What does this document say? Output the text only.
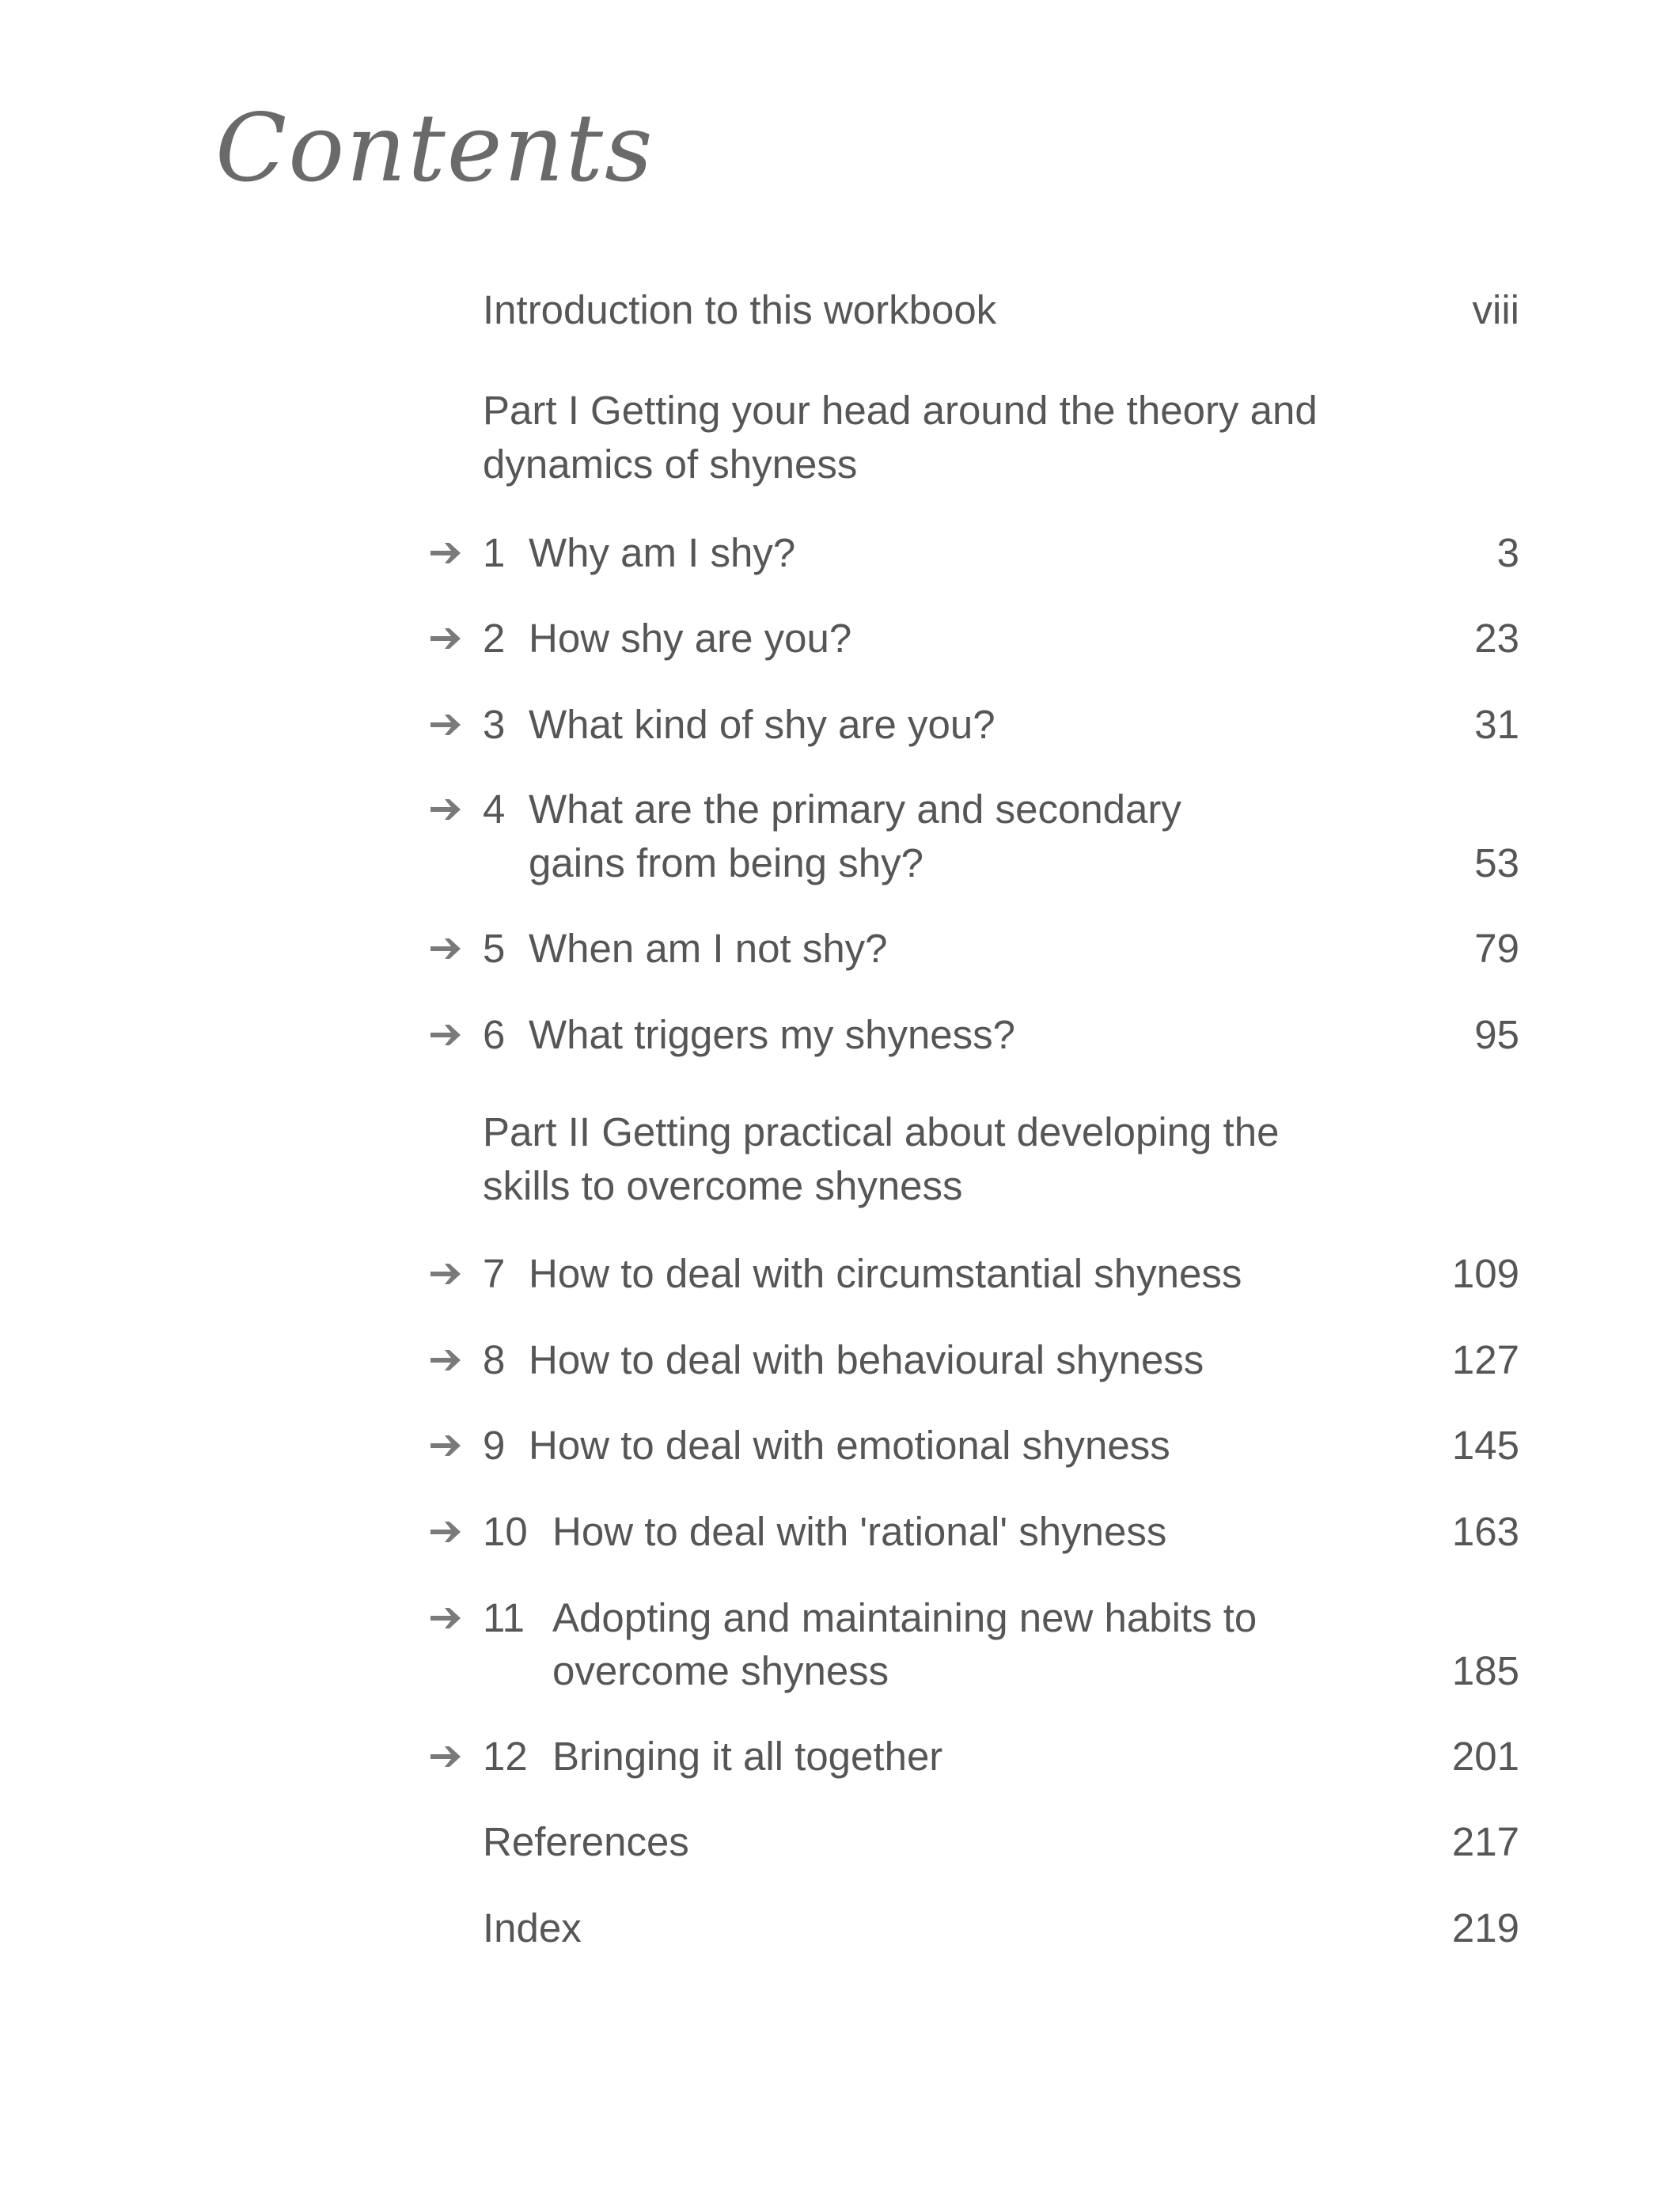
Contents
Introduction to this workbook	viii
Part I Getting your head around the theory and
dynamics of shyness
1 Why am I shy?	3
2 How shy are you?	23
3 What kind of shy are you?	31
4 What are the primary and secondary
gains from being shy?	53
5 When am I not shy?	79
6 What triggers my shyness?	95
Part II Getting practical about developing the
skills to overcome shyness
7 How to deal with circumstantial shyness	109
8 How to deal with behavioural shyness	127
9 How to deal with emotional shyness	145
10 How to deal with 'rational' shyness	163
11 Adopting and maintaining new habits to
overcome shyness	185
12 Bringing it all together	201
References	217
Index	219
